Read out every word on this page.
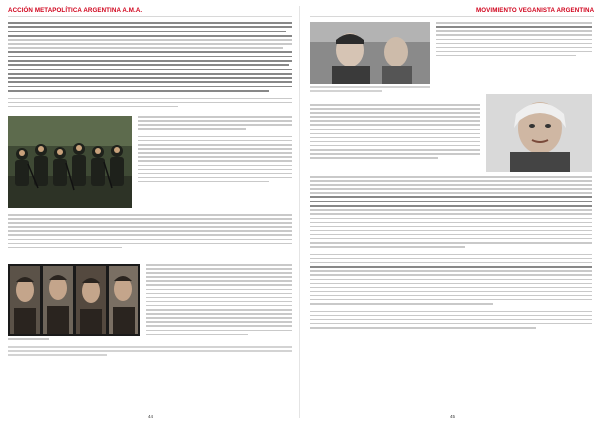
ACCIÓN METAPOLÍTICA ARGENTINA A.M.A.
44
MOVIMIENTO VEGANISTA ARGENTINA
45
